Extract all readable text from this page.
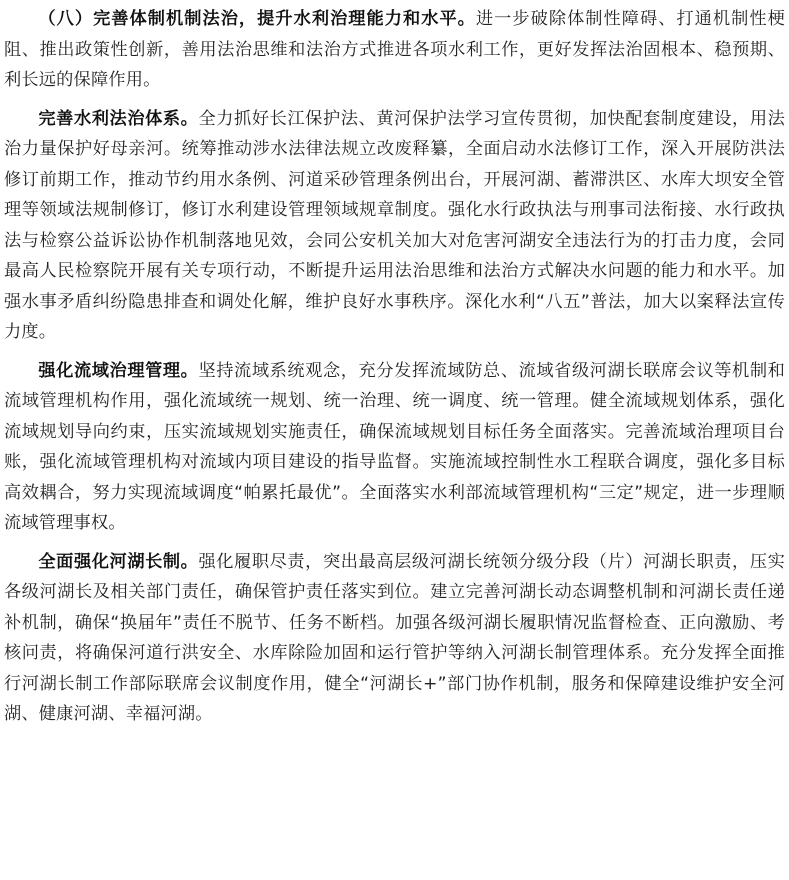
（八）完善体制机制法治，提升水利治理能力和水平。进一步破除体制性障碍、打通机制性梗阻、推出政策性创新，善用法治思维和法治方式推进各项水利工作，更好发挥法治固根本、稳预期、利长远的保障作用。

完善水利法治体系。全力抓好长江保护法、黄河保护法学习宣传贯彻，加快配套制度建设，用法治力量保护好母亲河。统筹推动涉水法律法规立改废释纂，全面启动水法修订工作，深入开展防洪法修订前期工作，推动节约用水条例、河道采砂管理条例出台，开展河湖、蓄滞洪区、水库大坝安全管理等领域法规制修订，修订水利建设管理领域规章制度。强化水行政执法与刑事司法衔接、水行政执法与检察公益诉讼协作机制落地见效，会同公安机关加大对危害河湖安全违法行为的打击力度，会同最高人民检察院开展有关专项行动，不断提升运用法治思维和法治方式解决水问题的能力和水平。加强水事矛盾纠纷隐患排查和调处化解，维护良好水事秩序。深化水利“八五”普法，加大以案释法宣传力度。

强化流域治理管理。坚持流域系统观念，充分发挥流域防总、流域省级河湖长联席会议等机制和流域管理机构作用，强化流域统一规划、统一治理、统一调度、统一管理。健全流域规划体系，强化流域规划导向约束，压实流域规划实施责任，确保流域规划目标任务全面落实。完善流域治理项目台账，强化流域管理机构对流域内项目建设的指导监督。实施流域控制性水工程联合调度，强化多目标高效耦合，努力实现流域调度“帕累托最优”。全面落实水利部流域管理机构“三定”规定，进一步理顺流域管理事权。

全面强化河湖长制。强化履职尽责，突出最高层级河湖长统领分级分段（片）河湖长职责，压实各级河湖长及相关部门责任，确保管护责任落实到位。建立完善河湖长动态调整机制和河湖长责任递补机制，确保“换届年”责任不脱节、任务不断档。加强各级河湖长履职情况监督检查、正向激励、考核问责，将确保河道行洪安全、水库除险加固和运行管护等纳入河湖长制管理体系。充分发挥全面推行河湖长制工作部际联席会议制度作用，健全“河湖长+”部门协作机制，服务和保障建设维护安全河湖、健康河湖、幸福河湖。
